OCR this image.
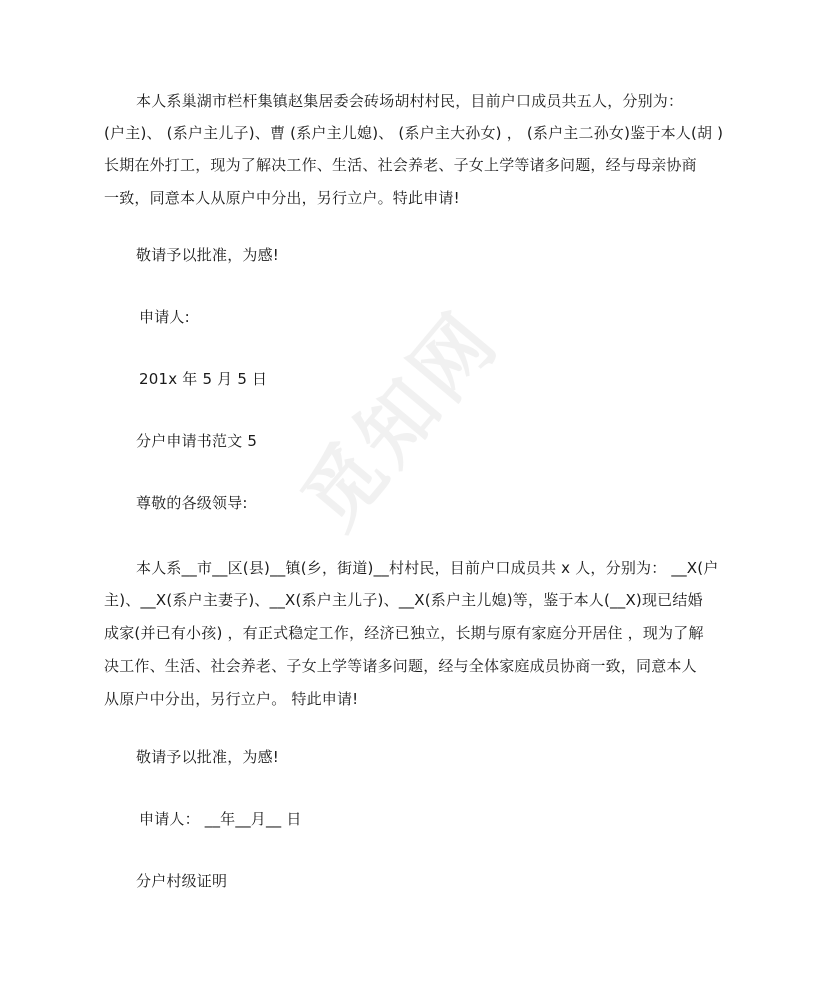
觅知网
本人系巢湖市栏杆集镇赵集居委会砖场胡村村民，目前户口成员共五人，分别为：
(户主)、 (系户主儿子)、曹 (系户主儿媳)、 (系户主大孙女) ， (系户主二孙女)鉴于本人(胡 )
长期在外打工，现为了解决工作、生活、社会养老、子女上学等诸多问题，经与母亲协商
一致，同意本人从原户中分出，另行立户。特此申请!
敬请予以批准，为感!
申请人:
201x 年 5 月 5 日
分户申请书范文 5
尊敬的各级领导:
本人系__市__区(县)__镇(乡，街道)__村村民，目前户口成员共 x 人，分别为： __X(户
主)、__X(系户主妻子)、__X(系户主儿子)、__X(系户主儿媳)等，鉴于本人(__X)现已结婚
成家(并已有小孩) ，有正式稳定工作，经济已独立，长期与原有家庭分开居住 ，现为了解
决工作、生活、社会养老、子女上学等诸多问题，经与全体家庭成员协商一致，同意本人
从原户中分出，另行立户。 特此申请!
敬请予以批准，为感!
申请人： __年__月__ 日
分户村级证明
